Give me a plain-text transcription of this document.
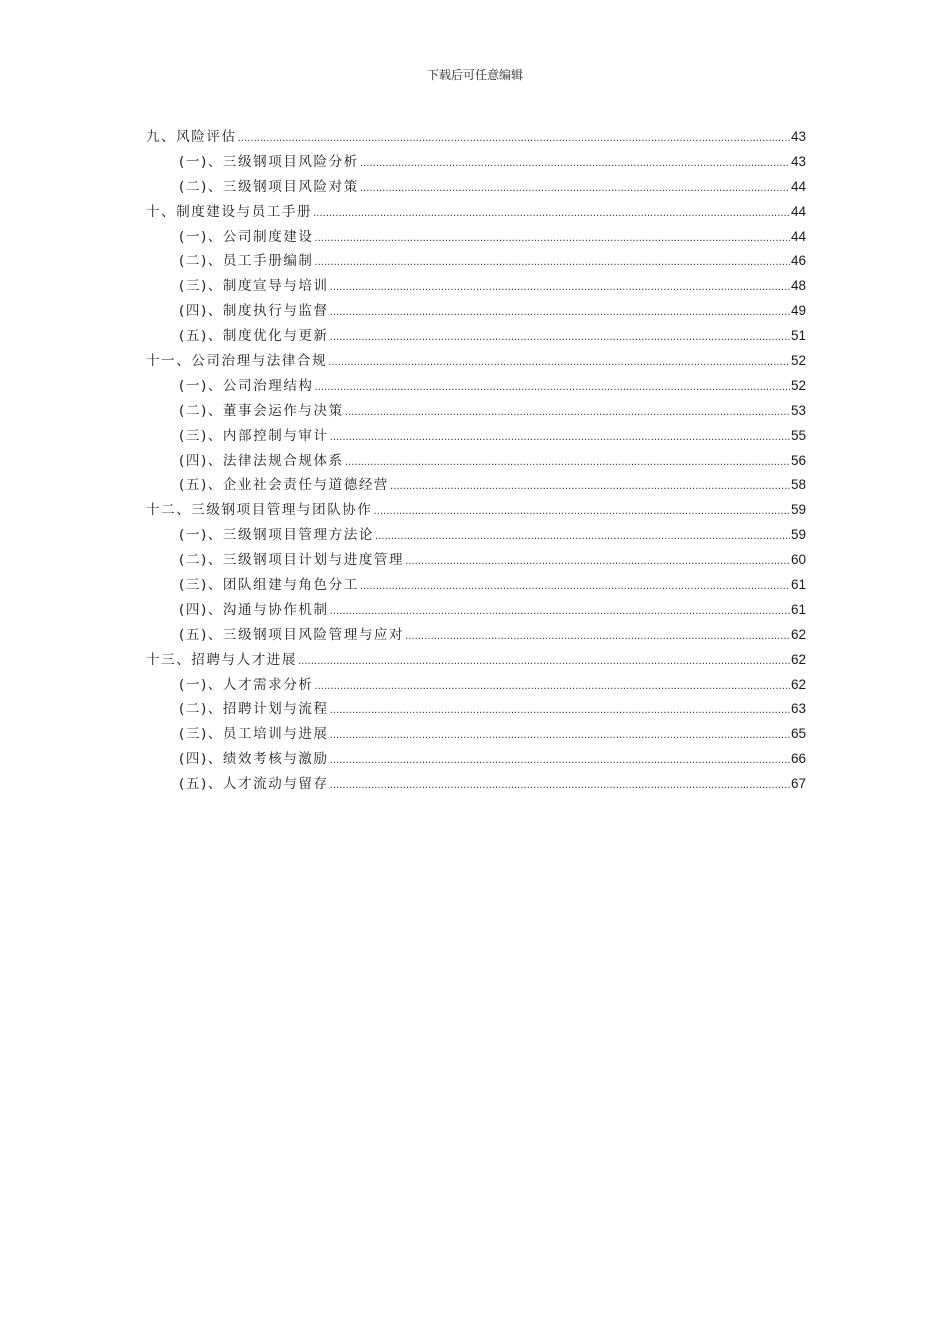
下载后可任意编辑
九、风险评估 .....	43
(一)、三级钢项目风险分析 .....	43
(二)、三级钢项目风险对策 .....	44
十、制度建设与员工手册 .....	44
(一)、公司制度建设 .....	44
(二)、员工手册编制 .....	46
(三)、制度宣导与培训 .....	48
(四)、制度执行与监督 .....	49
(五)、制度优化与更新 .....	51
十一、公司治理与法律合规 .....	52
(一)、公司治理结构 .....	52
(二)、董事会运作与决策 .....	53
(三)、内部控制与审计 .....	55
(四)、法律法规合规体系 .....	56
(五)、企业社会责任与道德经营 .....	58
十二、三级钢项目管理与团队协作 .....	59
(一)、三级钢项目管理方法论 .....	59
(二)、三级钢项目计划与进度管理 .....	60
(三)、团队组建与角色分工 .....	61
(四)、沟通与协作机制 .....	61
(五)、三级钢项目风险管理与应对 .....	62
十三、招聘与人才进展 .....	62
(一)、人才需求分析 .....	62
(二)、招聘计划与流程 .....	63
(三)、员工培训与进展 .....	65
(四)、绩效考核与激励 .....	66
(五)、人才流动与留存 .....	67
